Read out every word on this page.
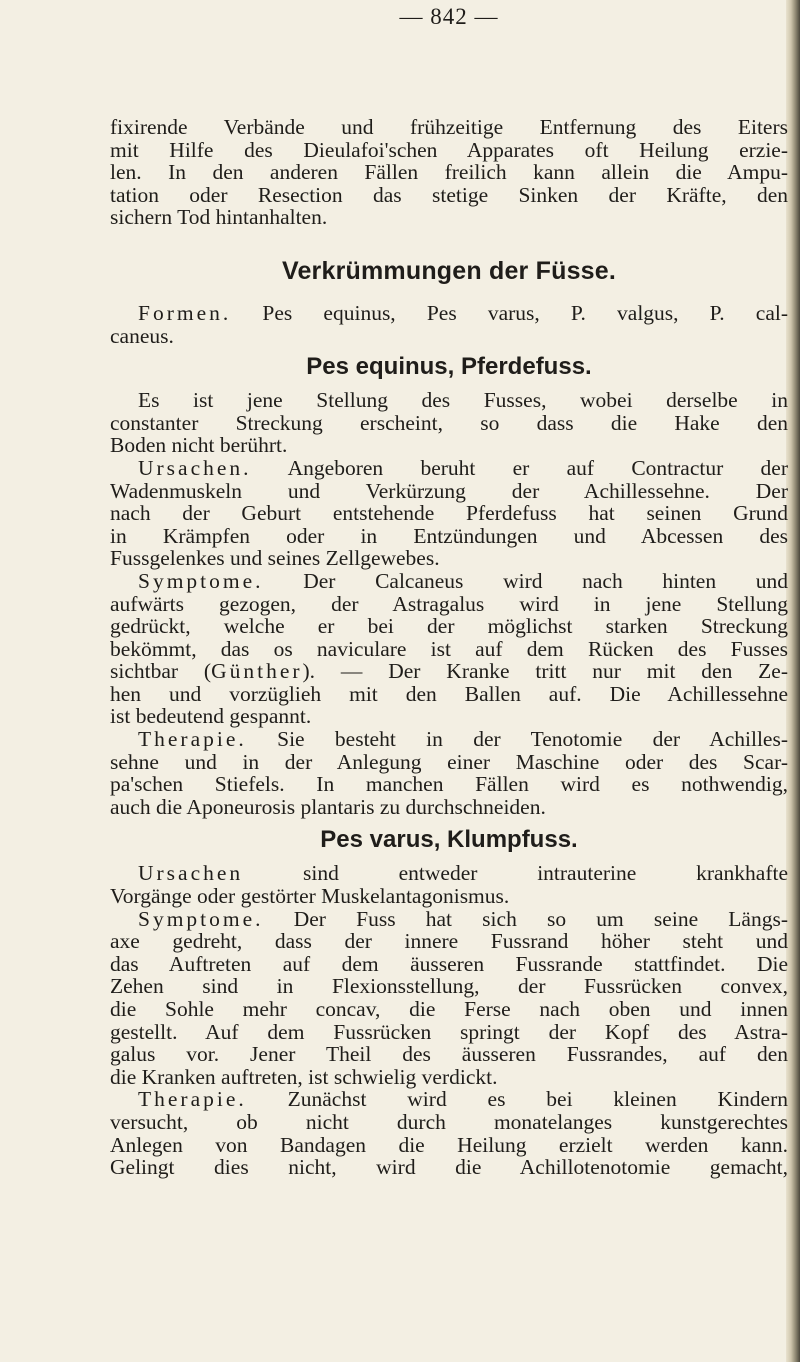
— 842 —

fixirende Verbände und frühzeitige Entfernung des Eiters
mit Hilfe des Dieulafoi'schen Apparates oft Heilung erzie-
len. In den anderen Fällen freilich kann allein die Ampu-
tation oder Resection das stetige Sinken der Kräfte, den
sichern Tod hintanhalten.

Verkrümmungen der Füsse.

Formen. Pes equinus, Pes varus, P. valgus, P. cal-
caneus.

Pes equinus, Pferdefuss.

Es ist jene Stellung des Fusses, wobei derselbe in
constanter Streckung erscheint, so dass die Hake den
Boden nicht berührt.

Ursachen. Angeboren beruht er auf Contractur der
Wadenmuskeln und Verkürzung der Achillessehne. Der
nach der Geburt entstehende Pferdefuss hat seinen Grund
in Krämpfen oder in Entzündungen und Abcessen des
Fussgelenkes und seines Zellgewebes.

Symptome. Der Calcaneus wird nach hinten und
aufwärts gezogen, der Astragalus wird in jene Stellung
gedrückt, welche er bei der möglichst starken Streckung
bekömmt, das os naviculare ist auf dem Rücken des Fusses
sichtbar (Günther). — Der Kranke tritt nur mit den Ze-
hen und vorzüglieh mit den Ballen auf. Die Achillessehne
ist bedeutend gespannt.

Therapie. Sie besteht in der Tenotomie der Achilles-
sehne und in der Anlegung einer Maschine oder des Scar-
pa'schen Stiefels. In manchen Fällen wird es nothwendig,
auch die Aponeurosis plantaris zu durchschneiden.

Pes varus, Klumpfuss.

Ursachen sind entweder intrauterine krankhafte
Vorgänge oder gestörter Muskelantagonismus.

Symptome. Der Fuss hat sich so um seine Längs-
axe gedreht, dass der innere Fussrand höher steht und
das Auftreten auf dem äusseren Fussrande stattfindet. Die
Zehen sind in Flexionsstellung, der Fussrücken convex,
die Sohle mehr concav, die Ferse nach oben und innen
gestellt. Auf dem Fussrücken springt der Kopf des Astra-
galus vor. Jener Theil des äusseren Fussrandes, auf den
die Kranken auftreten, ist schwielig verdickt.

Therapie. Zunächst wird es bei kleinen Kindern
versucht, ob nicht durch monatelanges kunstgerechtes
Anlegen von Bandagen die Heilung erzielt werden kann.
Gelingt dies nicht, wird die Achillotenotomie gemacht,
